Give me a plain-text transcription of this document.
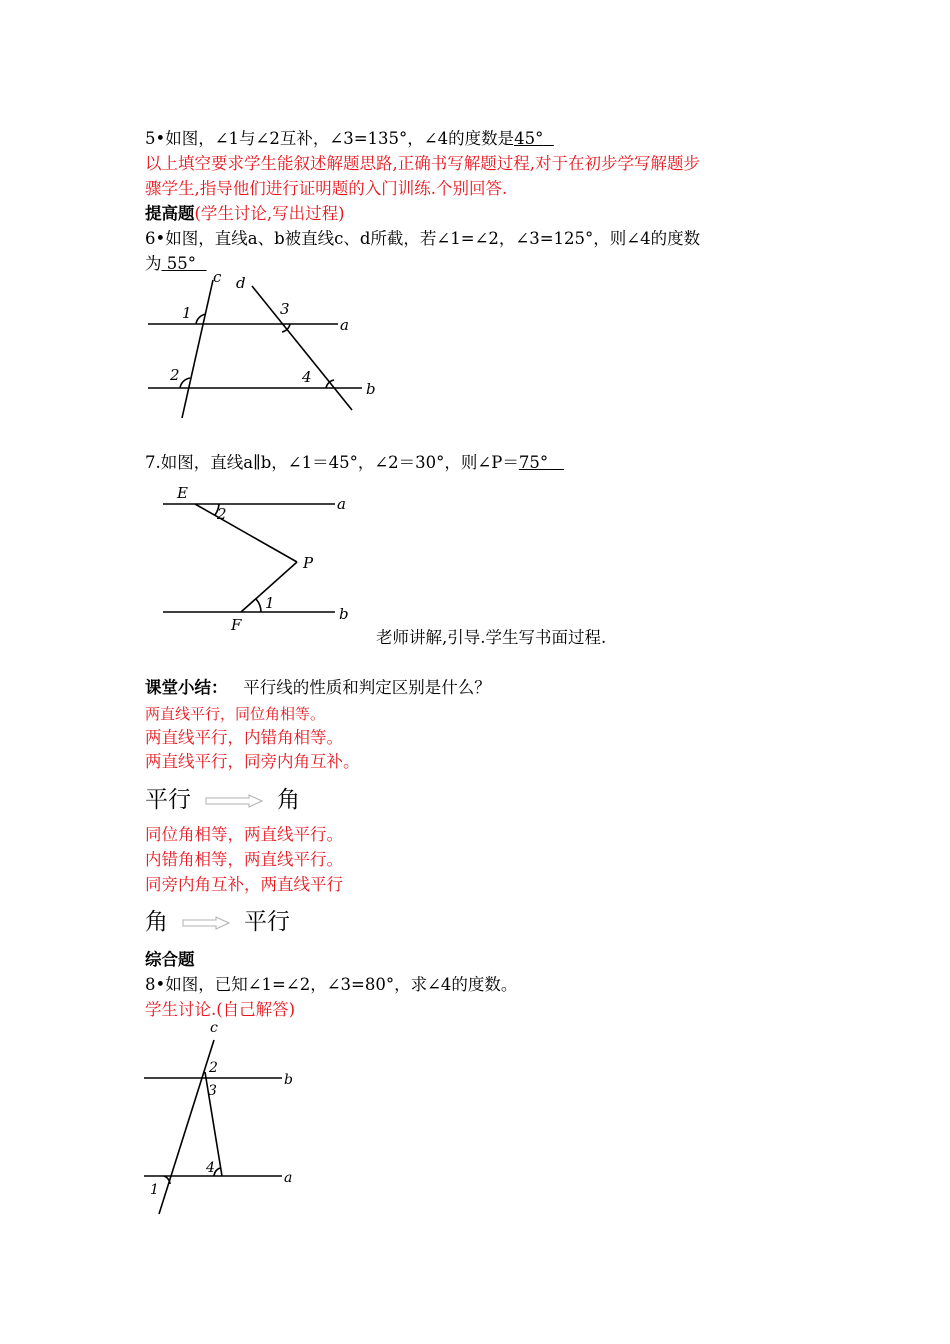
5•如图，∠1与∠2互补，∠3=135°，∠4的度数是45°
以上填空要求学生能叙述解题思路,正确书写解题过程,对于在初步学写解题步
骤学生,指导他们进行证明题的入门训练.个别回答.
提高题(学生讨论,写出过程)
6•如图，直线a、b被直线c、d所截，若∠1=∠2，∠3=125°，则∠4的度数
为 55°
c d
1	3
a
2	4
b
7.如图，直线a∥b，∠1＝45°，∠2＝30°，则∠P＝75°
E
a
2
P
1
F
b
老师讲解,引导.学生写书面过程.
课堂小结： 平行线的性质和判定区别是什么？
两直线平行，同位角相等。
两直线平行，内错角相等。
两直线平行，同旁内角互补。
平行	角
同位角相等，两直线平行。
内错角相等，两直线平行。
同旁内角互补，两直线平行
角	平行
综合题
8•如图，已知∠1=∠2，∠3=80°，求∠4的度数。
学生讨论.(自己解答)
c
2
b
3
4
a
1
